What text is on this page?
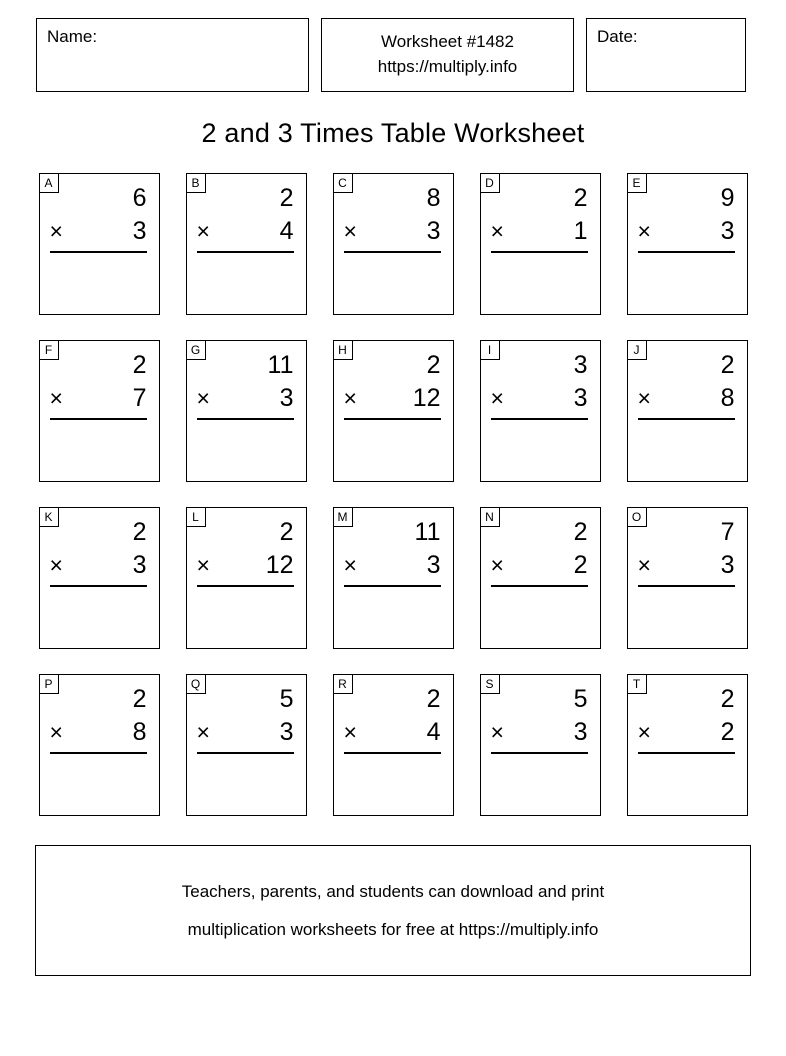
Name:	Worksheet #1482
https://multiply.info
Date:
2 and 3 Times Table Worksheet
A
6
×	3
B
2
×	4
C
8
×	3
D
2
×	1
E
9
×	3
F
2
×	7
G
11
×	3
H
2
× 12
I
3
×	3
J
2
×	8
K
2
×	3
L
2
× 12
M
11
×	3
N
2
×	2
O
7
×	3
P
2
×	8
Q
5
×	3
R
2
×	4
S
5
×	3
T
2
×	2
Teachers, parents, and students can download and print
multiplication worksheets for free at https://multiply.info
